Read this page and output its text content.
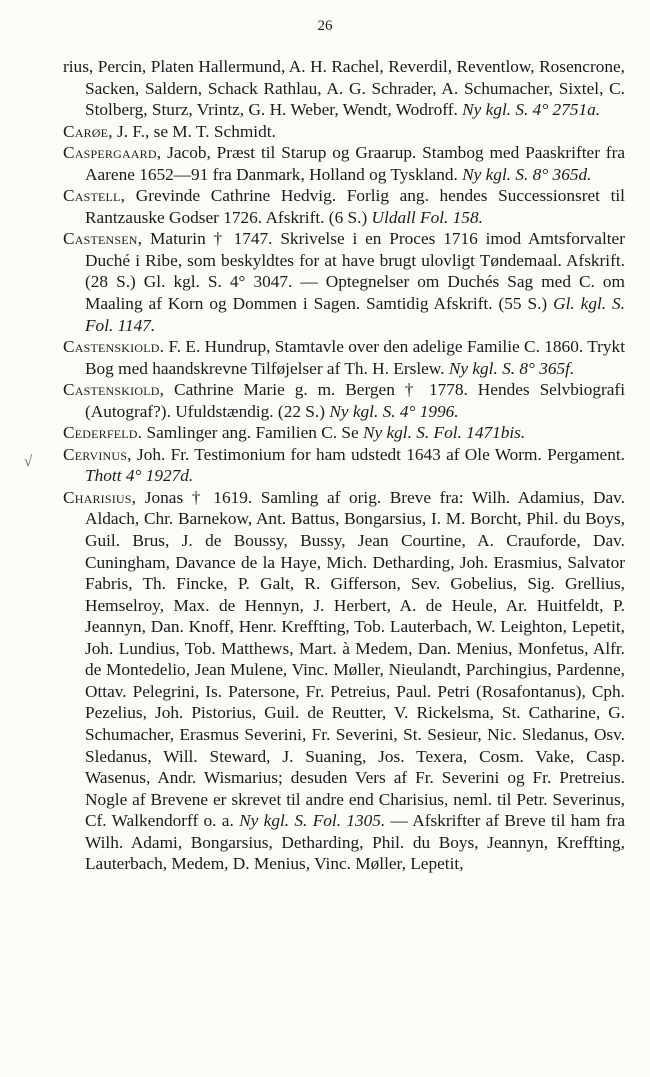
26
√

rius, Percin, Platen Hallermund, A. H. Rachel, Reverdil, Reventlow, Rosencrone, Sacken, Saldern, Schack Rathlau, A. G. Schrader, A. Schumacher, Sixtel, C. Stolberg, Sturz, Vrintz, G. H. Weber, Wendt, Wodroff. Ny kgl. S. 4° 2751a.

Carøe, J. F., se M. T. Schmidt.

Caspergaard, Jacob, Præst til Starup og Graarup. Stambog med Paaskrifter fra Aarene 1652—91 fra Danmark, Holland og Tyskland. Ny kgl. S. 8° 365d.

Castell, Grevinde Cathrine Hedvig. Forlig ang. hendes Successionsret til Rantzauske Godser 1726. Afskrift. (6 S.) Uldall Fol. 158.

Castensen, Maturin † 1747. Skrivelse i en Proces 1716 imod Amtsforvalter Duché i Ribe, som beskyldtes for at have brugt ulovligt Tøndemaal. Afskrift. (28 S.) Gl. kgl. S. 4° 3047. — Optegnelser om Duchés Sag med C. om Maaling af Korn og Dommen i Sagen. Samtidig Afskrift. (55 S.) Gl. kgl. S. Fol. 1147.

Castenskiold. F. E. Hundrup, Stamtavle over den adelige Familie C. 1860. Trykt Bog med haandskrevne Tilføjelser af Th. H. Erslew. Ny kgl. S. 8° 365f.

Castenskiold, Cathrine Marie g. m. Bergen † 1778. Hendes Selvbiografi (Autograf?). Ufuldstændig. (22 S.) Ny kgl. S. 4° 1996.

Cederfeld. Samlinger ang. Familien C. Se Ny kgl. S. Fol. 1471bis.

Cervinus, Joh. Fr. Testimonium for ham udstedt 1643 af Ole Worm. Pergament. Thott 4° 1927d.

Charisius, Jonas † 1619. Samling af orig. Breve fra: Wilh. Adamius, Dav. Aldach, Chr. Barnekow, Ant. Battus, Bongarsius, I. M. Borcht, Phil. du Boys, Guil. Brus, J. de Boussy, Bussy, Jean Courtine, A. Crauforde, Dav. Cuningham, Davance de la Haye, Mich. Detharding, Joh. Erasmius, Salvator Fabris, Th. Fincke, P. Galt, R. Gifferson, Sev. Gobelius, Sig. Grellius, Hemselroy, Max. de Hennyn, J. Herbert, A. de Heule, Ar. Huitfeldt, P. Jeannyn, Dan. Knoff, Henr. Kreffting, Tob. Lauterbach, W. Leighton, Lepetit, Joh. Lundius, Tob. Matthews, Mart. à Medem, Dan. Menius, Monfetus, Alfr. de Montedelio, Jean Mulene, Vinc. Møller, Nieulandt, Parchingius, Pardenne, Ottav. Pelegrini, Is. Patersone, Fr. Petreius, Paul. Petri (Rosafontanus), Cph. Pezelius, Joh. Pistorius, Guil. de Reutter, V. Rickelsma, St. Catharine, G. Schumacher, Erasmus Severini, Fr. Severini, St. Sesieur, Nic. Sledanus, Osv. Sledanus, Will. Steward, J. Suaning, Jos. Texera, Cosm. Vake, Casp. Wasenus, Andr. Wismarius; desuden Vers af Fr. Severini og Fr. Pretreius. Nogle af Brevene er skrevet til andre end Charisius, neml. til Petr. Severinus, Cf. Walkendorff o. a. Ny kgl. S. Fol. 1305. — Afskrifter af Breve til ham fra Wilh. Adami, Bongarsius, Detharding, Phil. du Boys, Jeannyn, Kreffting, Lauterbach, Medem, D. Menius, Vinc. Møller, Lepetit,
